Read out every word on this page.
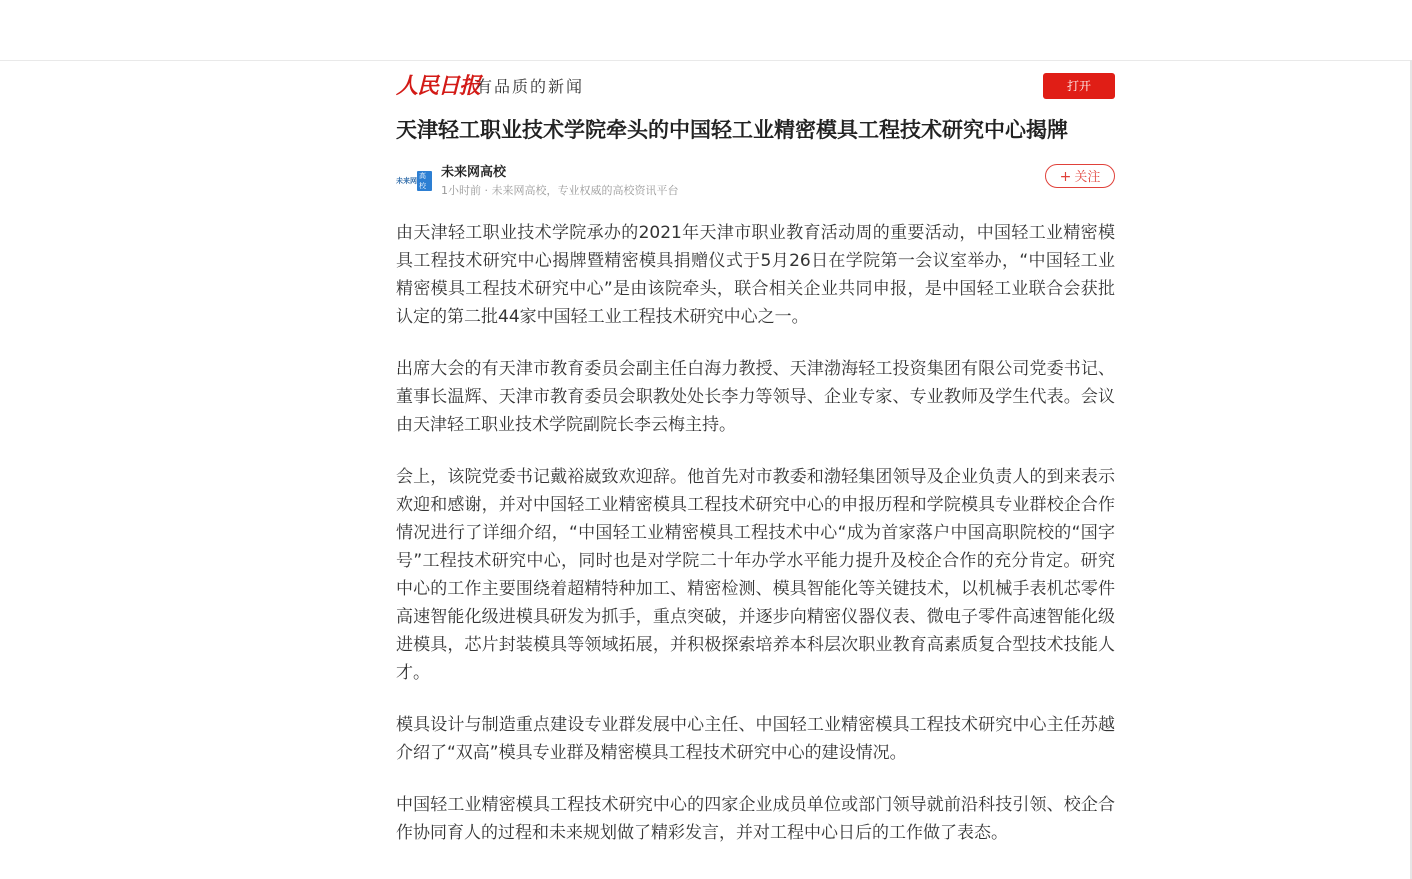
人民日报
有品质的新闻	打开
天津轻工职业技术学院牵头的中国轻工业精密模具工程技术研究中心揭牌
未来网
高校
未来网高校
1小时前 · 未来网高校，专业权威的高校资讯平台
+ 关注

由天津轻工职业技术学院承办的2021年天津市职业教育活动周的重要活动，中国轻工业精密模具工程技术研究中心揭牌暨精密模具捐赠仪式于5月26日在学院第一会议室举办，“中国轻工业精密模具工程技术研究中心”是由该院牵头，联合相关企业共同申报，是中国轻工业联合会获批认定的第二批44家中国轻工业工程技术研究中心之一。

出席大会的有天津市教育委员会副主任白海力教授、天津渤海轻工投资集团有限公司党委书记、董事长温辉、天津市教育委员会职教处处长李力等领导、企业专家、专业教师及学生代表。会议由天津轻工职业技术学院副院长李云梅主持。

会上，该院党委书记戴裕崴致欢迎辞。他首先对市教委和渤轻集团领导及企业负责人的到来表示欢迎和感谢，并对中国轻工业精密模具工程技术研究中心的申报历程和学院模具专业群校企合作情况进行了详细介绍，“中国轻工业精密模具工程技术中心“成为首家落户中国高职院校的“国字号”工程技术研究中心，同时也是对学院二十年办学水平能力提升及校企合作的充分肯定。研究中心的工作主要围绕着超精特种加工、精密检测、模具智能化等关键技术，以机械手表机芯零件高速智能化级进模具研发为抓手，重点突破，并逐步向精密仪器仪表、微电子零件高速智能化级进模具，芯片封装模具等领域拓展，并积极探索培养本科层次职业教育高素质复合型技术技能人才。

模具设计与制造重点建设专业群发展中心主任、中国轻工业精密模具工程技术研究中心主任苏越介绍了“双高”模具专业群及精密模具工程技术研究中心的建设情况。

中国轻工业精密模具工程技术研究中心的四家企业成员单位或部门领导就前沿科技引领、校企合作协同育人的过程和未来规划做了精彩发言，并对工程中心日后的工作做了表态。
